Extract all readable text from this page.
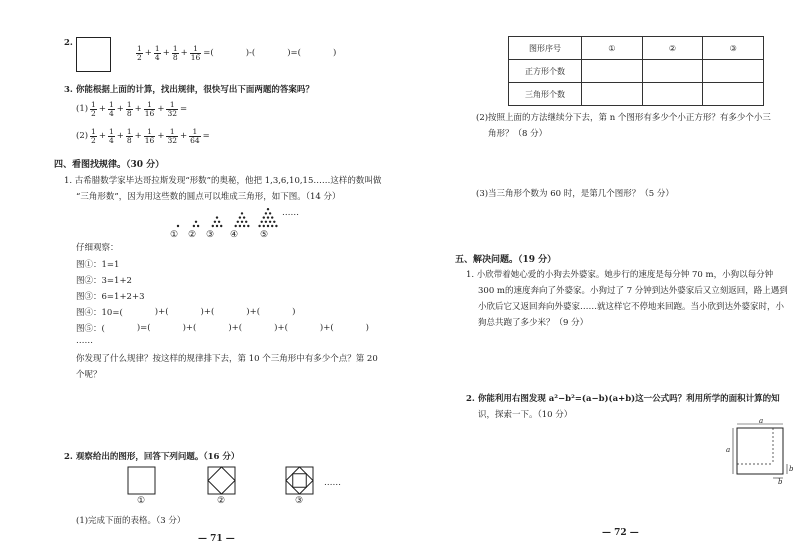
2.
$\frac{1}{2} + \frac{1}{4} + \frac{1}{8} + \frac{1}{16}$ =(	)-(	)=(	)
3. 你能根据上面的计算，找出规律，很快写出下面两题的答案吗？
$(1) \frac{1}{2} + \frac{1}{4} + \frac{1}{8} + \frac{1}{16} + \frac{1}{32}$ =
$(2) \frac{1}{2} + \frac{1}{4} + \frac{1}{8} + \frac{1}{16} + \frac{1}{32} + \frac{1}{64}$ =
四、看图找规律。（30 分）
1. 古希腊数学家毕达哥拉斯发现“形数”的奥秘，他把 1,3,6,10,15……这样的数叫做
“三角形数”，因为用这些数的圆点可以堆成三角形，如下图。（14 分）
①	②	③	④	⑤
……
仔细观察：
图①：1=1
图②：3=1+2
图③：6=1+2+3
图④：10=(	)+(	)+(	)+(	)
图⑤：(	)=(	)+(	)+(	)+(	)+(	)
……
你发现了什么规律？按这样的规律排下去，第 10 个三角形中有多少个点？第 20
个呢？
2. 观察给出的图形，回答下列问题。（16 分）
……
①	②	③
(1)完成下面的表格。（3 分）
— 71 —
图形序号	①	②	③
正方形个数			
三角形个数			
(2)按照上面的方法继续分下去，第 n 个图形有多少个小正方形？有多少个小三
角形？（8 分）
(3)当三角形个数为 60 时，是第几个图形？（5 分）
五、解决问题。（19 分）
1. 小欣带着她心爱的小狗去外婆家。她步行的速度是每分钟 70 m，小狗以每分钟
300 m的速度奔向了外婆家。小狗过了 7 分钟到达外婆家后又立刻返回，路上遇到
小欣后它又返回奔向外婆家……就这样它不停地来回跑。当小欣到达外婆家时，小
狗总共跑了多少米？（9 分）
2. 你能利用右图发现 a²−b²=(a−b)(a+b)这一公式吗？利用所学的面积计算的知
识，探索一下。（10 分）
a
a
b
b
— 72 —
